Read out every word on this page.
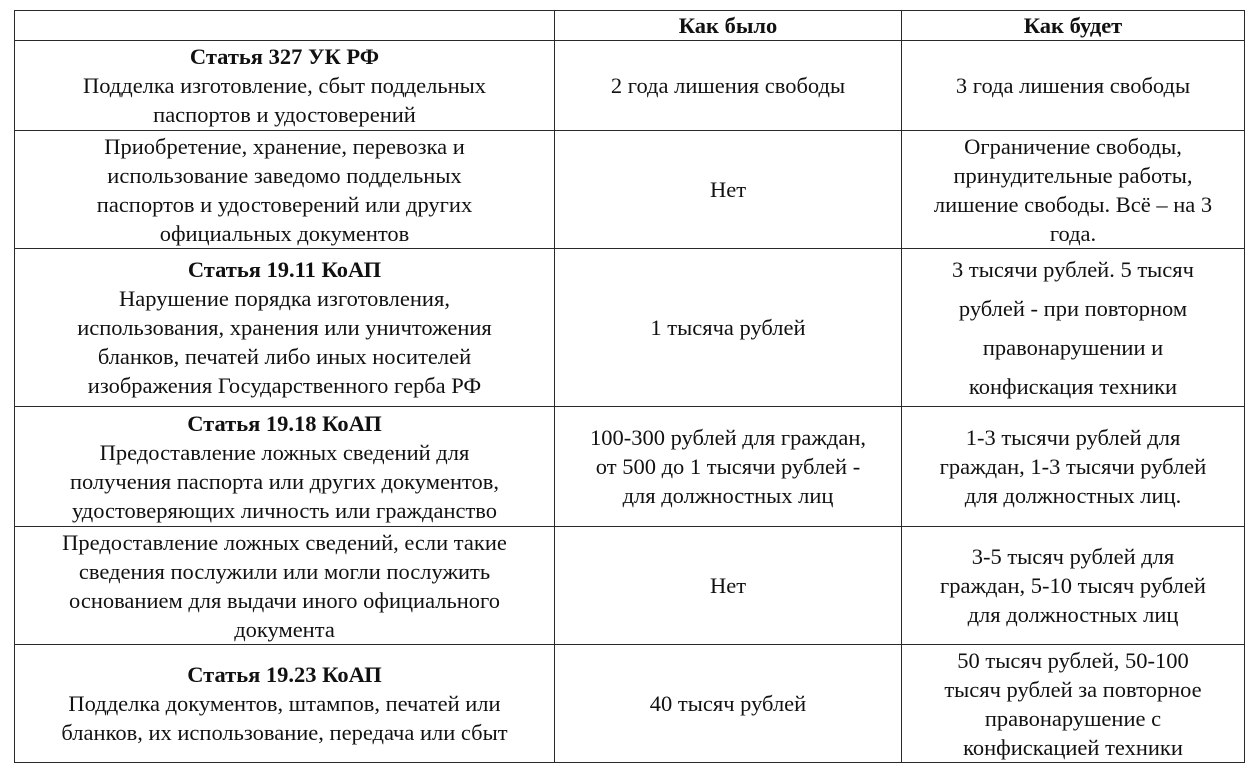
	Как было	Как будет

Статья 327 УК РФ
Подделка изготовление, сбыт поддельных
паспортов и удостоверений	2 года лишения свободы	3 года лишения свободы

Приобретение, хранение, перевозка и
использование заведомо поддельных
паспортов и удостоверений или других
официальных документов	Нет	Ограничение свободы,
принудительные работы,
лишение свободы. Всё – на 3
года.

Статья 19.11 КоАП
Нарушение порядка изготовления,
использования, хранения или уничтожения
бланков, печатей либо иных носителей
изображения Государственного герба РФ	1 тысяча рублей	3 тысячи рублей. 5 тысяч
рублей - при повторном
правонарушении и
конфискация техники

Статья 19.18 КоАП
Предоставление ложных сведений для
получения паспорта или других документов,
удостоверяющих личность или гражданство	100-300 рублей для граждан,
от 500 до 1 тысячи рублей -
для должностных лиц	1-3 тысячи рублей для
граждан, 1-3 тысячи рублей
для должностных лиц.

Предоставление ложных сведений, если такие
сведения послужили или могли послужить
основанием для выдачи иного официального
документа	Нет	3-5 тысяч рублей для
граждан, 5-10 тысяч рублей
для должностных лиц

Статья 19.23 КоАП
Подделка документов, штампов, печатей или
бланков, их использование, передача или сбыт	40 тысяч рублей	50 тысяч рублей, 50-100
тысяч рублей за повторное
правонарушение с
конфискацией техники
